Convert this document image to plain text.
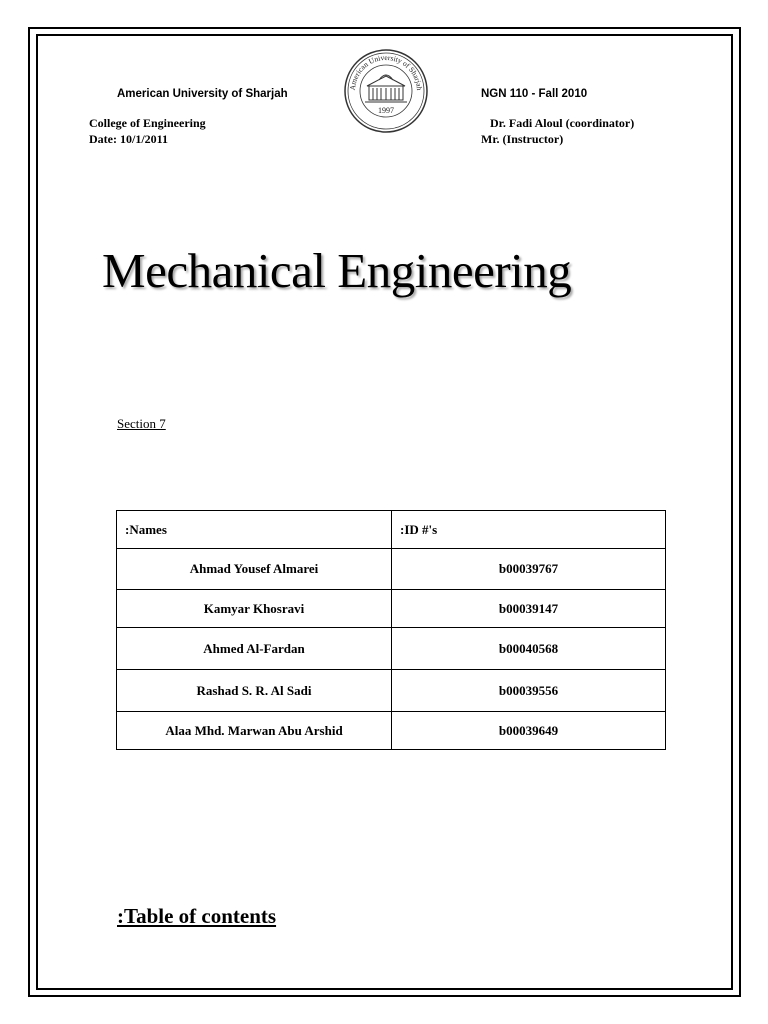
American University of Sharjah	NGN 110 - Fall 2010
College of Engineering	Dr. Fadi Aloul (coordinator)
Date: 10/1/2011	Mr. (Instructor)
American University of Sharjah
1997
Mechanical Engineering
Section 7
:Names	:ID #'s
Ahmad Yousef Almarei	b00039767
Kamyar Khosravi	b00039147
Ahmed Al-Fardan	b00040568
Rashad S. R. Al Sadi	b00039556
Alaa Mhd. Marwan Abu Arshid	b00039649
:Table of contents
